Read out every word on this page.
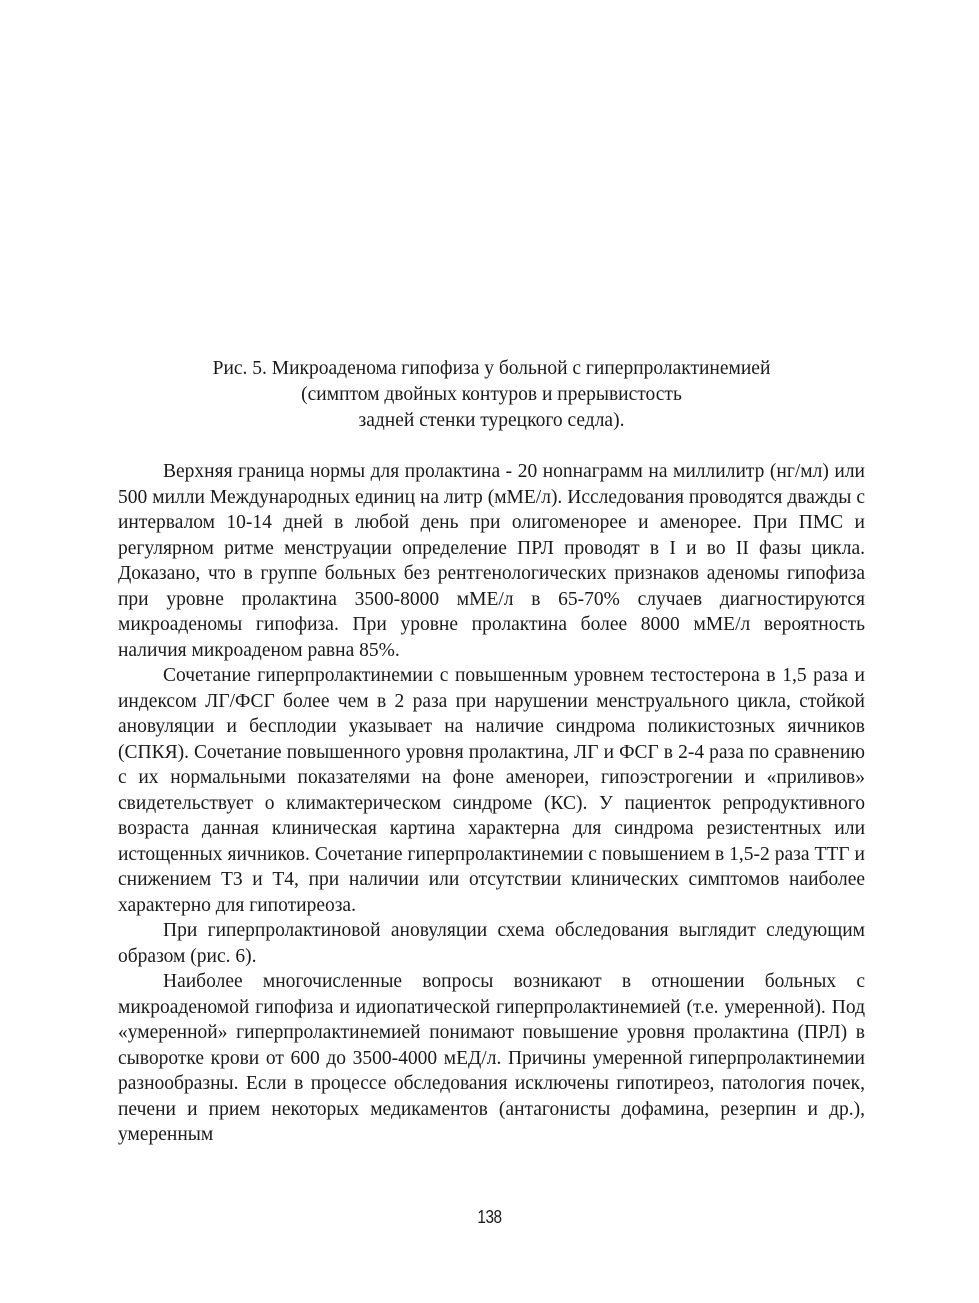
Рис. 5. Микроаденома гипофиза у больной с гиперпролактинемией
(симптом двойных контуров и прерывистость
задней стенки турецкого седла).

Верхняя граница нормы для пролактина - 20 нonнаграмм на миллилитр (нг/мл) или 500 милли Международных единиц на литр (мМЕ/л). Исследования проводятся дважды с интервалом 10-14 дней в любой день при олигоменорее и аменорее. При ПМС и регулярном ритме менструации определение ПРЛ проводят в I и во II фазы цикла. Доказано, что в группе больных без рентгенологических признаков аденомы гипофиза при уровне пролактина 3500-8000 мМЕ/л в 65-70% случаев диагностируются микроаденомы гипофиза. При уровне пролактина более 8000 мМЕ/л вероятность наличия микроаденом равна 85%.

Сочетание гиперпролактинемии с повышенным уровнем тестостерона в 1,5 раза и индексом ЛГ/ФСГ более чем в 2 раза при нарушении менструального цикла, стойкой ановуляции и бесплодии указывает на наличие синдрома поликистозных яичников (СПКЯ). Сочетание повышенного уровня пролактина, ЛГ и ФСГ в 2-4 раза по сравнению с их нормальными показателями на фоне аменореи, гипоэстрогении и «приливов» свидетельствует о климактерическом синдроме (КС). У пациенток репродуктивного возраста данная клиническая картина характерна для синдрома резистентных или истощенных яичников. Сочетание гиперпролактинемии с повышением в 1,5-2 раза ТТГ и снижением Т3 и Т4, при наличии или отсутствии клинических симптомов наиболее характерно для гипотиреоза.

При гиперпролактиновой ановуляции схема обследования выглядит следующим образом (рис. 6).

Наиболее многочисленные вопросы возникают в отношении больных с микроаденомой гипофиза и идиопатической гиперпролактинемией (т.е. умеренной). Под «умеренной» гиперпролактинемией понимают повышение уровня пролактина (ПРЛ) в сыворотке крови от 600 до 3500-4000 мЕД/л. Причины умеренной гиперпролактинемии разнообразны. Если в процессе обследования исключены гипотиреоз, патология почек, печени и прием некоторых медикаментов (антагонисты дофамина, резерпин и др.), умеренным

138
